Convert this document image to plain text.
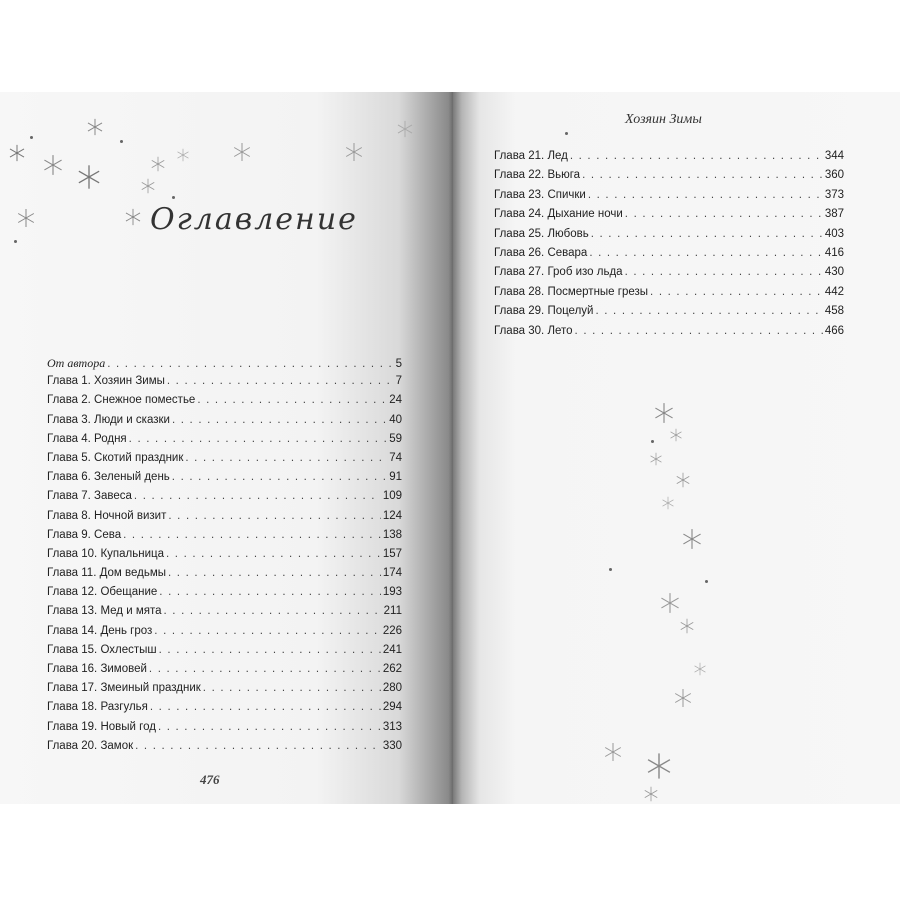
Оглавление
От автора . . .	5
Глава 1. Хозяин Зимы . . .	7
Глава 2. Снежное поместье . . .	24
Глава 3. Люди и сказки . . .	40
Глава 4. Родня . . .	59
Глава 5. Скотий праздник . . .	74
Глава 6. Зеленый день . . .	91
Глава 7. Завеса . . .	109
Глава 8. Ночной визит . . .	124
Глава 9. Сева . . .	138
Глава 10. Купальница . . .	157
Глава 11. Дом ведьмы . . .	174
Глава 12. Обещание . . .	193
Глава 13. Мед и мята . . .	211
Глава 14. День гроз . . .	226
Глава 15. Охлестыш . . .	241
Глава 16. Зимовей . . .	262
Глава 17. Змеиный праздник . . .	280
Глава 18. Разгулья . . .	294
Глава 19. Новый год . . .	313
Глава 20. Замок . . .	330
476
Хозяин Зимы
Глава 21. Лед . . .	344
Глава 22. Вьюга . . .	360
Глава 23. Спички . . .	373
Глава 24. Дыхание ночи . . .	387
Глава 25. Любовь . . .	403
Глава 26. Севара . . .	416
Глава 27. Гроб изо льда . . .	430
Глава 28. Посмертные грезы . . .	442
Глава 29. Поцелуй . . .	458
Глава 30. Лето . . .	466
